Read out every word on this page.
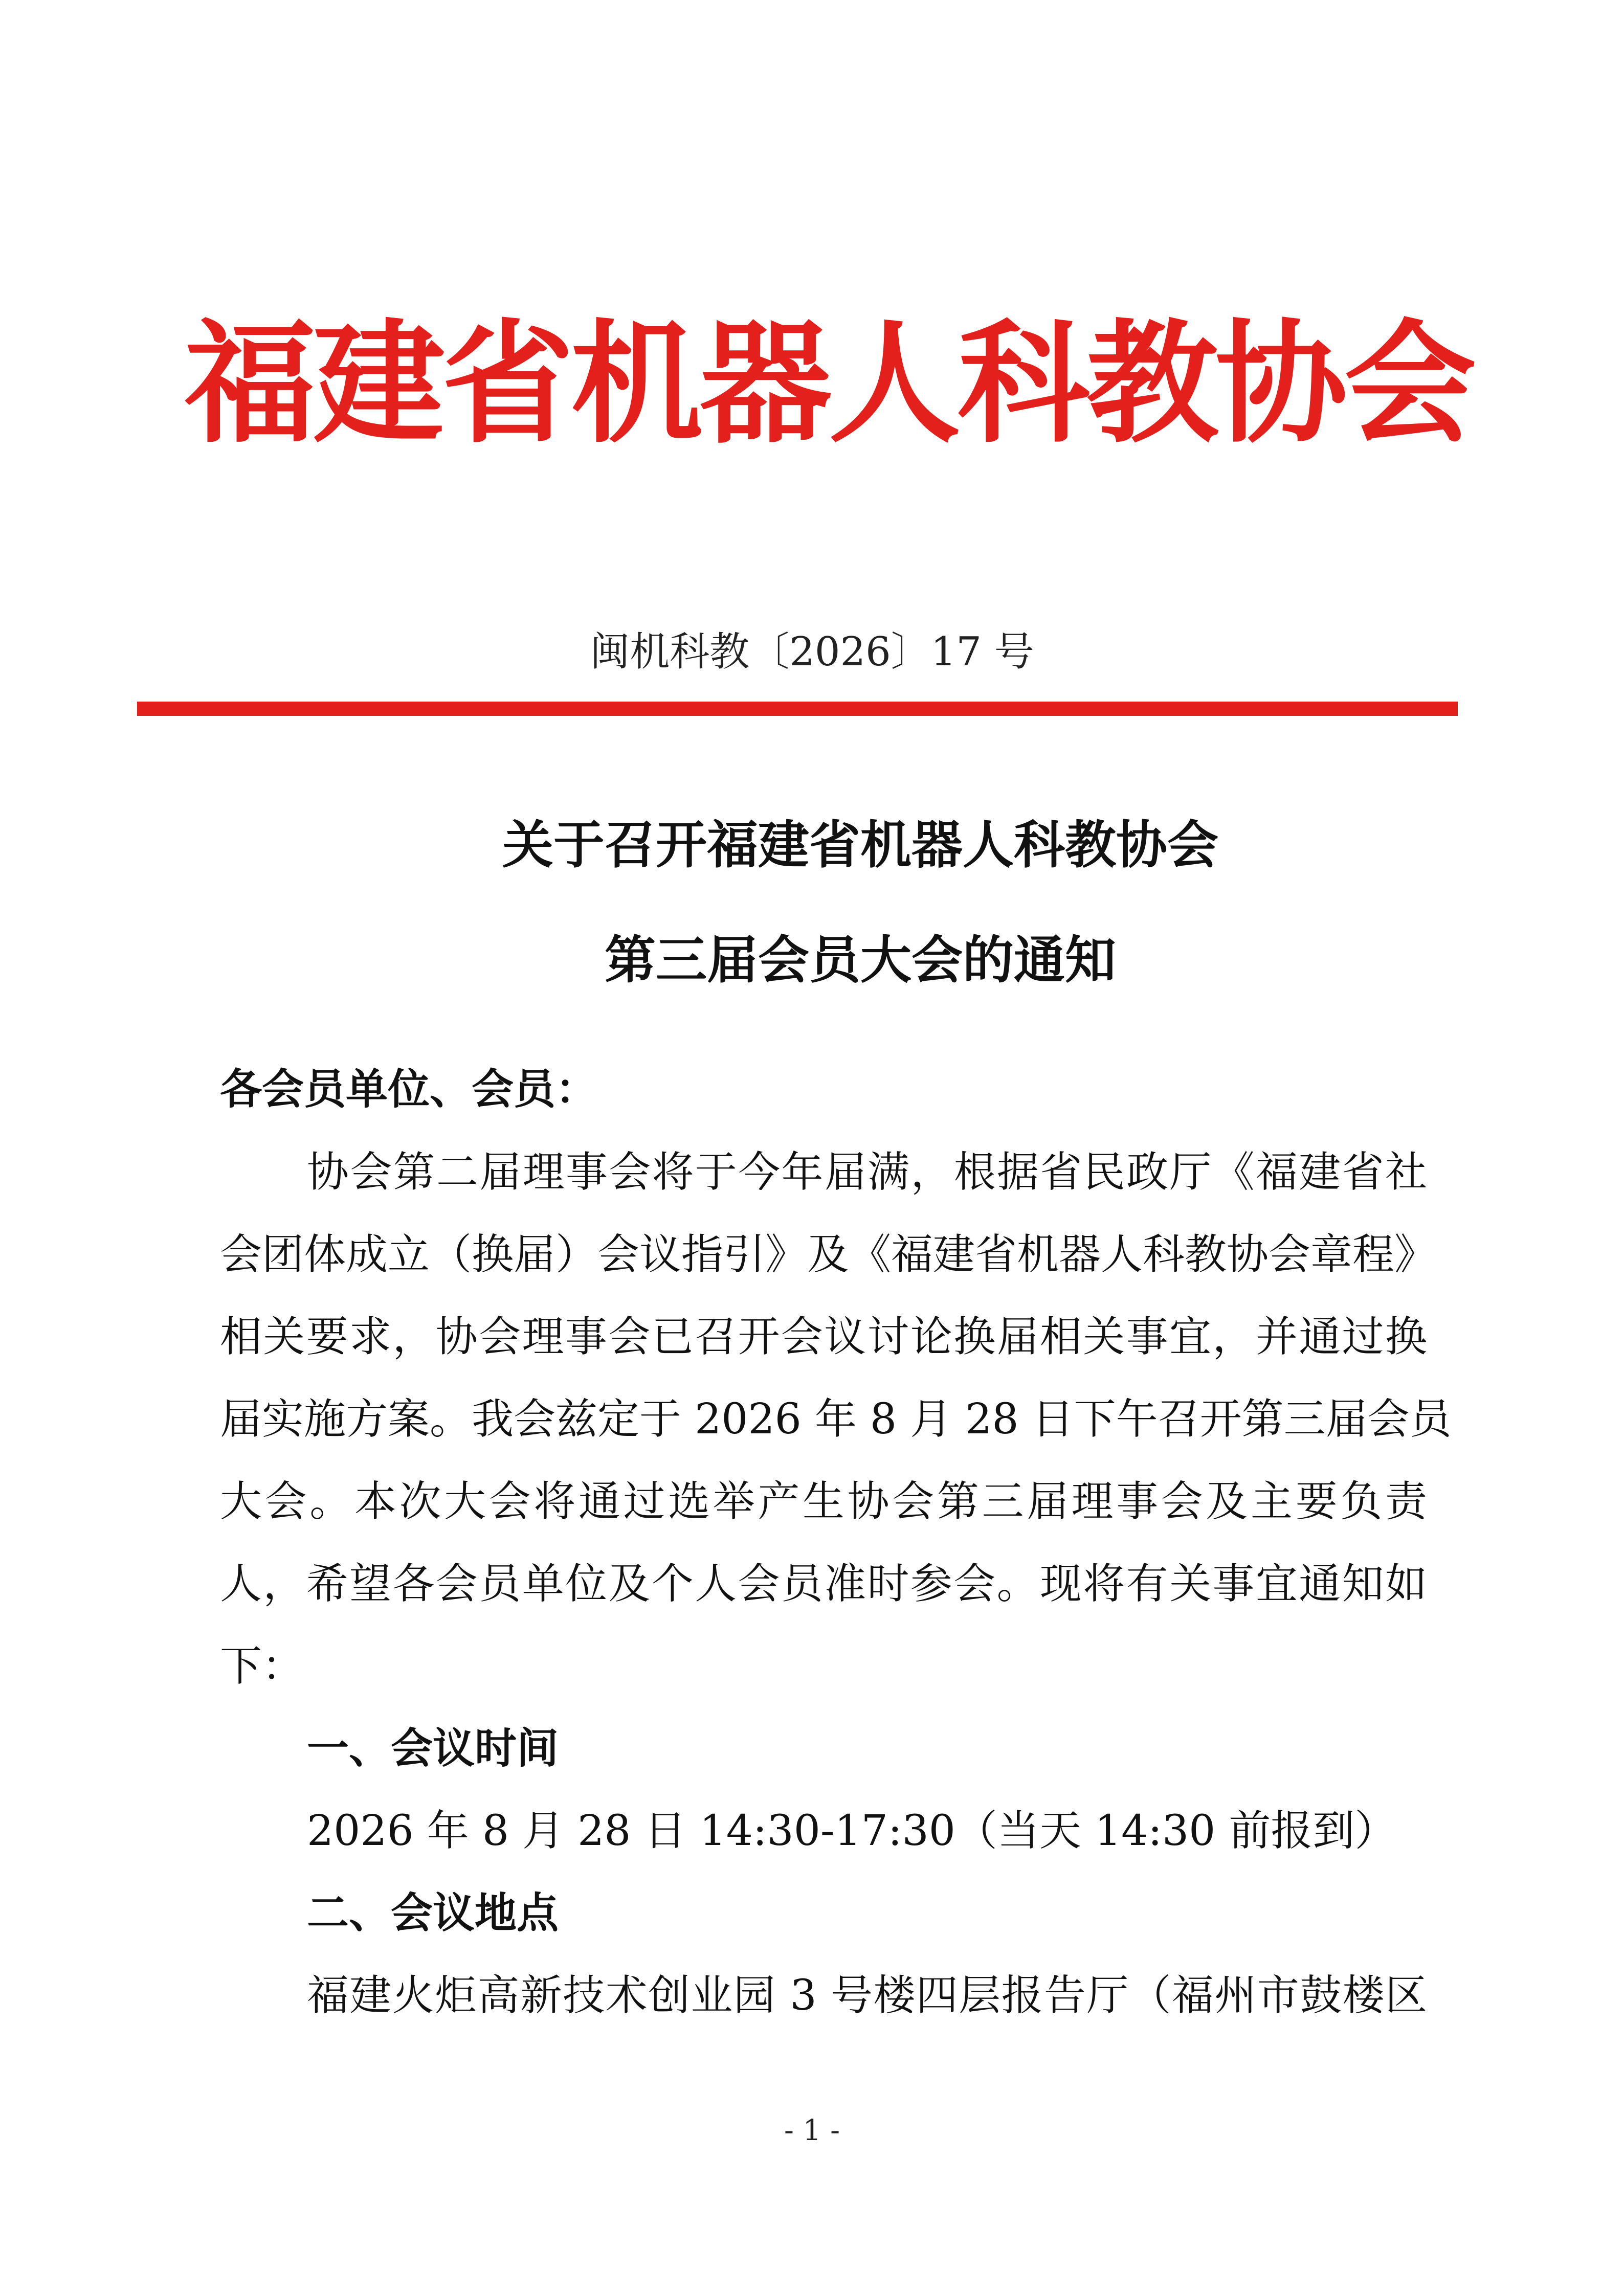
福建省机器人科教协会
闽机科教〔2026〕17 号
关于召开福建省机器人科教协会
第三届会员大会的通知
各会员单位、会员：
协会第二届理事会将于今年届满，根据省民政厅《福建省社
会团体成立（换届）会议指引》及《福建省机器人科教协会章程》
相关要求，协会理事会已召开会议讨论换届相关事宜，并通过换
届实施方案。我会兹定于 2026 年 8 月 28 日下午召开第三届会员
大会。本次大会将通过选举产生协会第三届理事会及主要负责
人，希望各会员单位及个人会员准时参会。现将有关事宜通知如
下：
一、会议时间
2026 年 8 月 28 日 14:30-17:30（当天 14:30 前报到）
二、会议地点
福建火炬高新技术创业园 3 号楼四层报告厅（福州市鼓楼区
- 1 -
